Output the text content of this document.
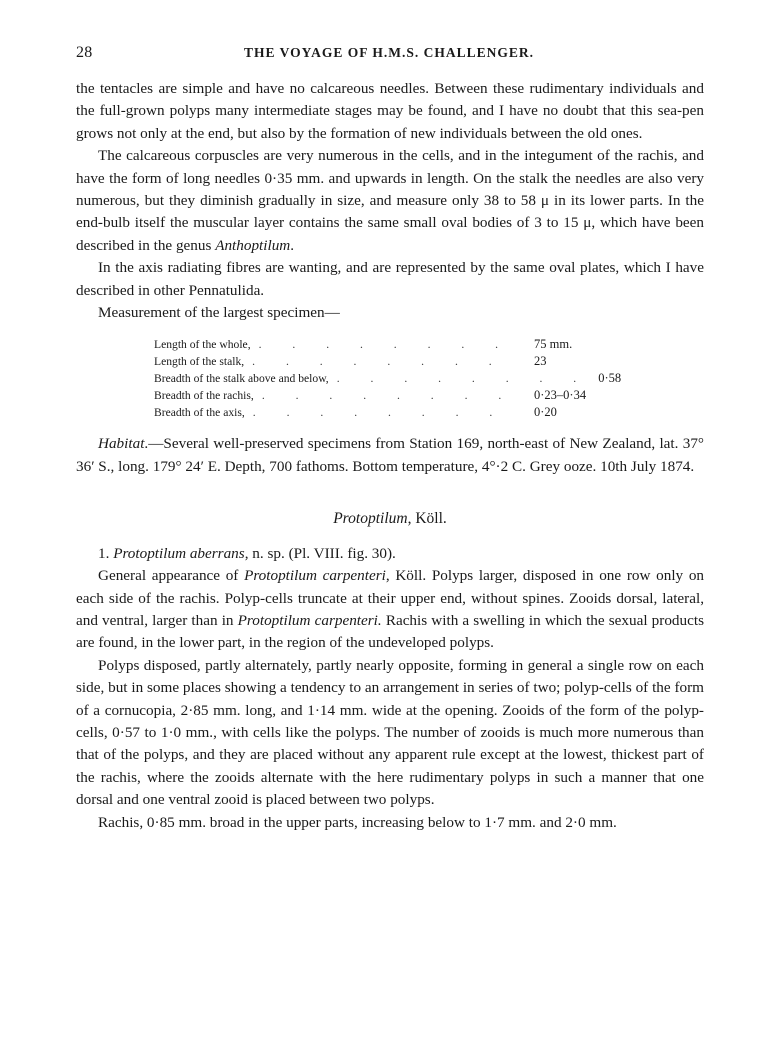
28	THE VOYAGE OF H.M.S. CHALLENGER.

the tentacles are simple and have no calcareous needles. Between these rudimentary individuals and the full-grown polyps many intermediate stages may be found, and I have no doubt that this sea-pen grows not only at the end, but also by the formation of new individuals between the old ones.

The calcareous corpuscles are very numerous in the cells, and in the integument of the rachis, and have the form of long needles 0·35 mm. and upwards in length. On the stalk the needles are also very numerous, but they diminish gradually in size, and measure only 38 to 58 μ in its lower parts. In the end-bulb itself the muscular layer contains the same small oval bodies of 3 to 15 μ, which have been described in the genus Anthoptilum.

In the axis radiating fibres are wanting, and are represented by the same oval plates, which I have described in other Pennatulida.

Measurement of the largest specimen—

Length of the whole, . . . . . . . .	75 mm.
Length of the stalk, . . . . . . . .	23
Breadth of the stalk above and below, . . . . . . . . 0·58
Breadth of the rachis, . . . . . . . .	0·23–0·34
Breadth of the axis, . . . . . . . .	0·20

Habitat.—Several well-preserved specimens from Station 169, north-east of New Zealand, lat. 37° 36′ S., long. 179° 24′ E. Depth, 700 fathoms. Bottom temperature, 4°·2 C. Grey ooze. 10th July 1874.

Protoptilum, Köll.

1. Protoptilum aberrans, n. sp. (Pl. VIII. fig. 30).

General appearance of Protoptilum carpenteri, Köll. Polyps larger, disposed in one row only on each side of the rachis. Polyp-cells truncate at their upper end, without spines. Zooids dorsal, lateral, and ventral, larger than in Protoptilum carpenteri. Rachis with a swelling in which the sexual products are found, in the lower part, in the region of the undeveloped polyps.

Polyps disposed, partly alternately, partly nearly opposite, forming in general a single row on each side, but in some places showing a tendency to an arrangement in series of two; polyp-cells of the form of a cornucopia, 2·85 mm. long, and 1·14 mm. wide at the opening. Zooids of the form of the polyp-cells, 0·57 to 1·0 mm., with cells like the polyps. The number of zooids is much more numerous than that of the polyps, and they are placed without any apparent rule except at the lowest, thickest part of the rachis, where the zooids alternate with the here rudimentary polyps in such a manner that one dorsal and one ventral zooid is placed between two polyps.

Rachis, 0·85 mm. broad in the upper parts, increasing below to 1·7 mm. and 2·0 mm.
